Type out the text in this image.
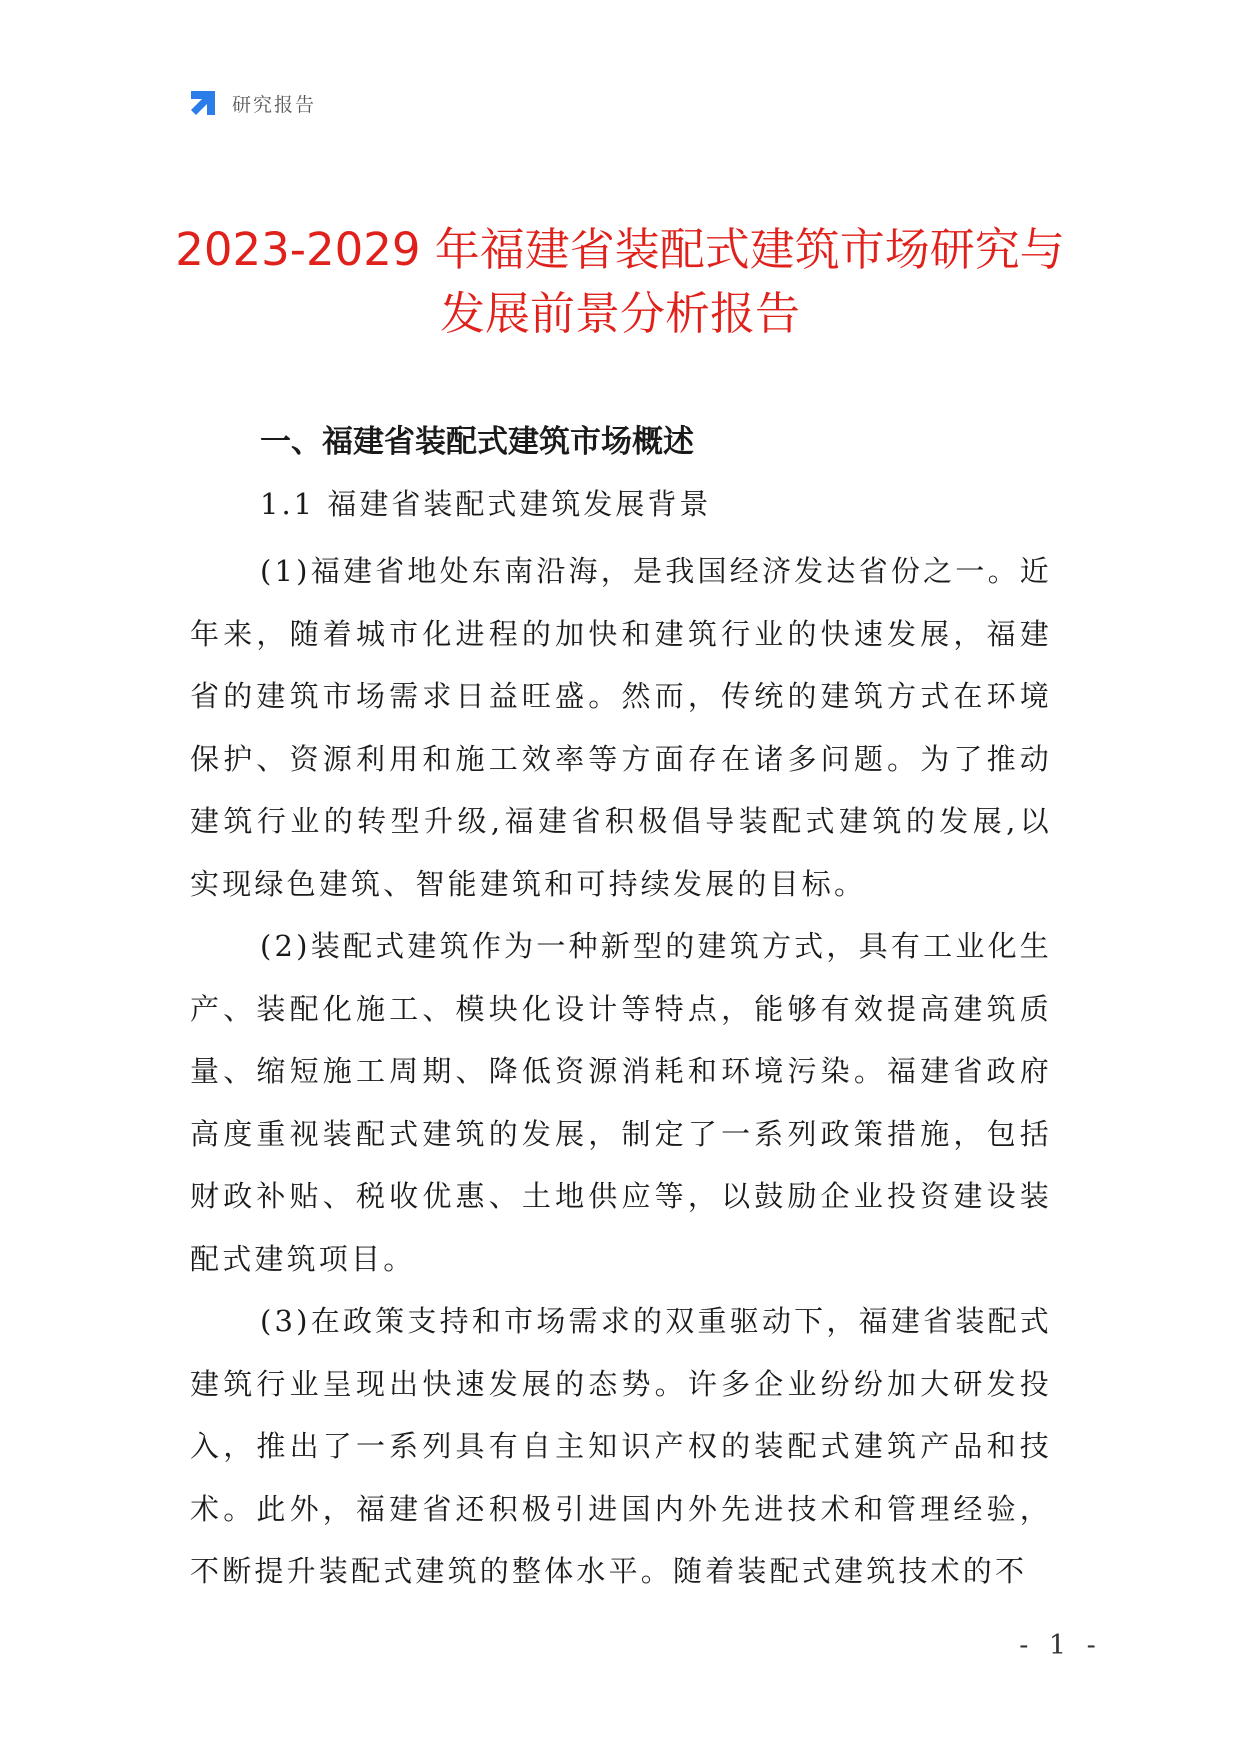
研究报告
2023-2029 年福建省装配式建筑市场研究与
发展前景分析报告
一、福建省装配式建筑市场概述
1.1 福建省装配式建筑发展背景

(1)福建省地处东南沿海，是我国经济发达省份之一。近年来，随着城市化进程的加快和建筑行业的快速发展，福建省的建筑市场需求日益旺盛。然而，传统的建筑方式在环境保护、资源利用和施工效率等方面存在诸多问题。为了推动建筑行业的转型升级,福建省积极倡导装配式建筑的发展,以实现绿色建筑、智能建筑和可持续发展的目标。

(2)装配式建筑作为一种新型的建筑方式，具有工业化生产、装配化施工、模块化设计等特点，能够有效提高建筑质量、缩短施工周期、降低资源消耗和环境污染。福建省政府高度重视装配式建筑的发展，制定了一系列政策措施，包括财政补贴、税收优惠、土地供应等，以鼓励企业投资建设装配式建筑项目。

(3)在政策支持和市场需求的双重驱动下，福建省装配式建筑行业呈现出快速发展的态势。许多企业纷纷加大研发投入，推出了一系列具有自主知识产权的装配式建筑产品和技术。此外，福建省还积极引进国内外先进技术和管理经验，不断提升装配式建筑的整体水平。随着装配式建筑技术的不

- 1 -
